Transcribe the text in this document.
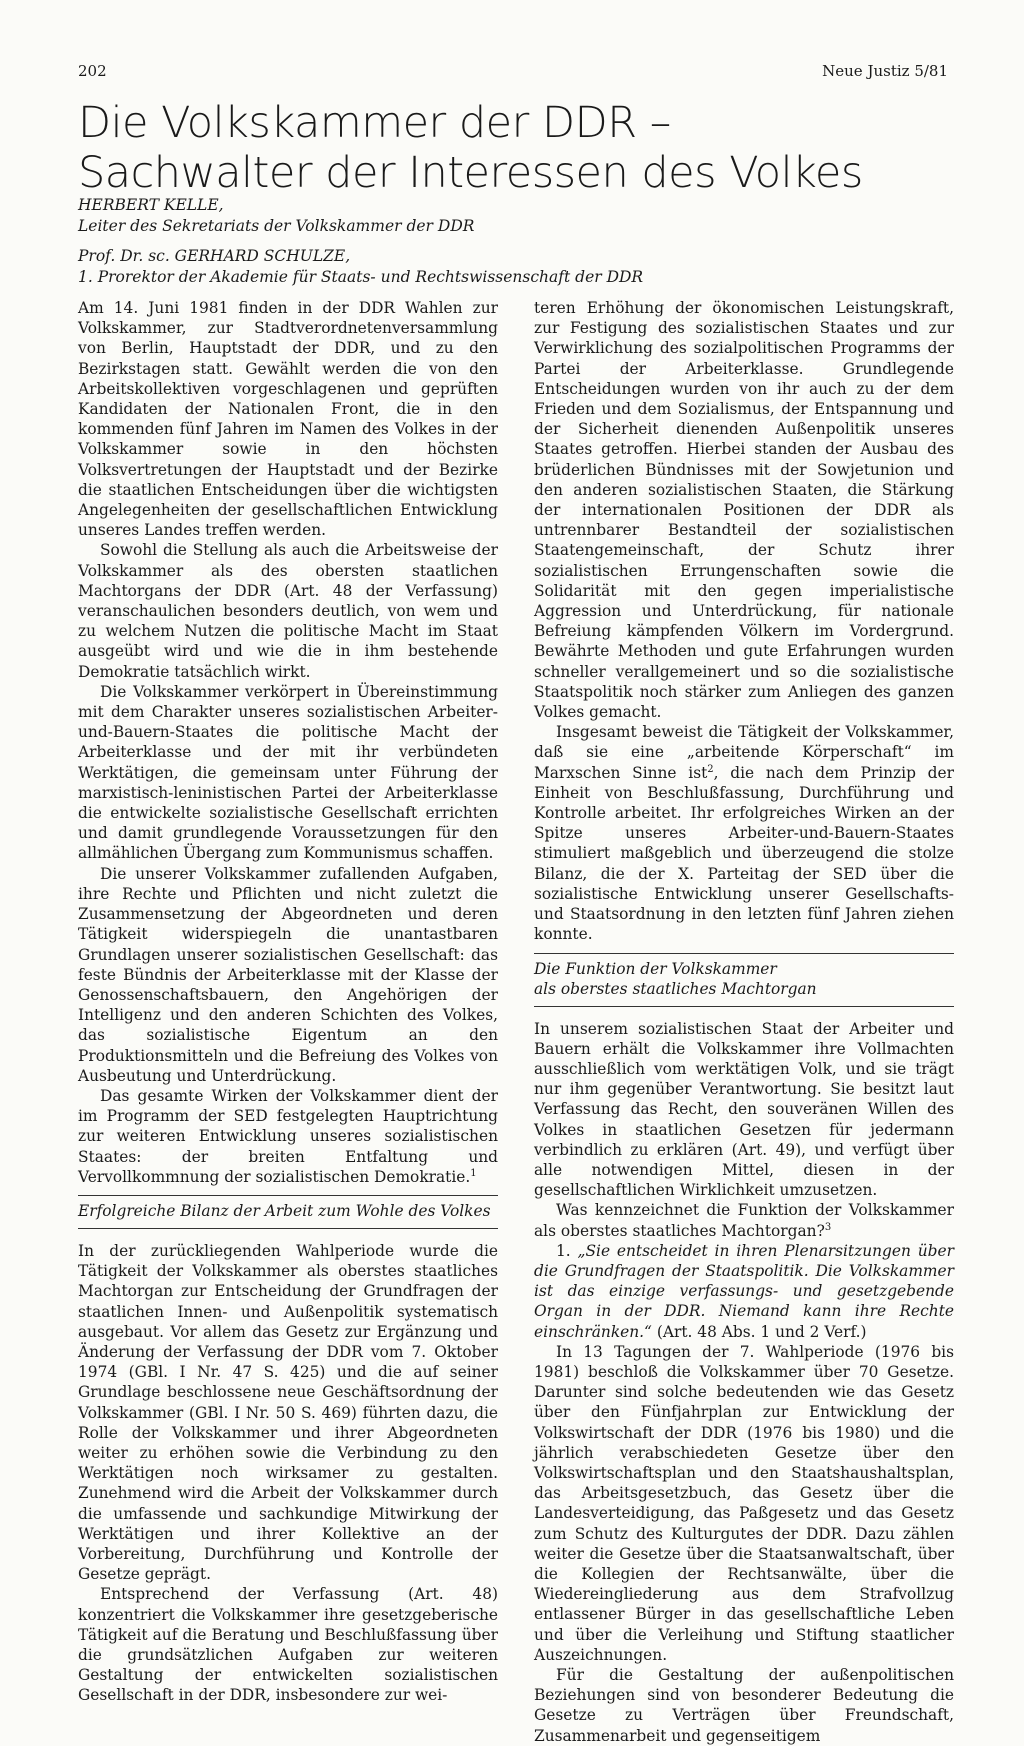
202	Neue Justiz 5/81
Die Volkskammer der DDR –
Sachwalter der Interessen des Volkes

HERBERT KELLE,

Leiter des Sekretariats der Volkskammer der DDR

Prof. Dr. sc. GERHARD SCHULZE,

1. Prorektor der Akademie für Staats- und Rechtswissenschaft der DDR

Am 14. Juni 1981 finden in der DDR Wahlen zur Volkskammer, zur Stadtverordnetenversammlung von Berlin, Hauptstadt der DDR, und zu den Bezirkstagen statt. Gewählt werden die von den Arbeitskollektiven vorgeschlagenen und geprüften Kandidaten der Nationalen Front, die in den kommenden fünf Jahren im Namen des Volkes in der Volkskammer sowie in den höchsten Volksvertretungen der Hauptstadt und der Bezirke die staatlichen Entscheidungen über die wichtigsten Angelegenheiten der gesellschaftlichen Entwicklung unseres Landes treffen werden.

Sowohl die Stellung als auch die Arbeitsweise der Volkskammer als des obersten staatlichen Machtorgans der DDR (Art. 48 der Verfassung) veranschaulichen besonders deutlich, von wem und zu welchem Nutzen die politische Macht im Staat ausgeübt wird und wie die in ihm bestehende Demokratie tatsächlich wirkt.

Die Volkskammer verkörpert in Übereinstimmung mit dem Charakter unseres sozialistischen Arbeiter-und-Bauern-Staates die politische Macht der Arbeiterklasse und der mit ihr verbündeten Werktätigen, die gemeinsam unter Führung der marxistisch-leninistischen Partei der Arbeiterklasse die entwickelte sozialistische Gesellschaft errichten und damit grundlegende Voraussetzungen für den allmählichen Übergang zum Kommunismus schaffen.

Die unserer Volkskammer zufallenden Aufgaben, ihre Rechte und Pflichten und nicht zuletzt die Zusammensetzung der Abgeordneten und deren Tätigkeit widerspiegeln die unantastbaren Grundlagen unserer sozialistischen Gesellschaft: das feste Bündnis der Arbeiterklasse mit der Klasse der Genossenschaftsbauern, den Angehörigen der Intelligenz und den anderen Schichten des Volkes, das sozialistische Eigentum an den Produktionsmitteln und die Befreiung des Volkes von Ausbeutung und Unterdrückung.

Das gesamte Wirken der Volkskammer dient der im Programm der SED festgelegten Hauptrichtung zur weiteren Entwicklung unseres sozialistischen Staates: der breiten Entfaltung und Vervollkommnung der sozialistischen Demokratie.$^1$

Erfolgreiche Bilanz der Arbeit zum Wohle des Volkes

In der zurückliegenden Wahlperiode wurde die Tätigkeit der Volkskammer als oberstes staatliches Machtorgan zur Entscheidung der Grundfragen der staatlichen Innen- und Außenpolitik systematisch ausgebaut. Vor allem das Gesetz zur Ergänzung und Änderung der Verfassung der DDR vom 7. Oktober 1974 (GBl. I Nr. 47 S. 425) und die auf seiner Grundlage beschlossene neue Geschäftsordnung der Volkskammer (GBl. I Nr. 50 S. 469) führten dazu, die Rolle der Volkskammer und ihrer Abgeordneten weiter zu erhöhen sowie die Verbindung zu den Werktätigen noch wirksamer zu gestalten. Zunehmend wird die Arbeit der Volkskammer durch die umfassende und sachkundige Mitwirkung der Werktätigen und ihrer Kollektive an der Vorbereitung, Durchführung und Kontrolle der Gesetze geprägt.

Entsprechend der Verfassung (Art. 48) konzentriert die Volkskammer ihre gesetzgeberische Tätigkeit auf die Beratung und Beschlußfassung über die grundsätzlichen Aufgaben zur weiteren Gestaltung der entwickelten sozialistischen Gesellschaft in der DDR, insbesondere zur wei-

teren Erhöhung der ökonomischen Leistungskraft, zur Festigung des sozialistischen Staates und zur Verwirklichung des sozialpolitischen Programms der Partei der Arbeiterklasse. Grundlegende Entscheidungen wurden von ihr auch zu der dem Frieden und dem Sozialismus, der Entspannung und der Sicherheit dienenden Außenpolitik unseres Staates getroffen. Hierbei standen der Ausbau des brüderlichen Bündnisses mit der Sowjetunion und den anderen sozialistischen Staaten, die Stärkung der internationalen Positionen der DDR als untrennbarer Bestandteil der sozialistischen Staatengemeinschaft, der Schutz ihrer sozialistischen Errungenschaften sowie die Solidarität mit den gegen imperialistische Aggression und Unterdrückung, für nationale Befreiung kämpfenden Völkern im Vordergrund. Bewährte Methoden und gute Erfahrungen wurden schneller verallgemeinert und so die sozialistische Staatspolitik noch stärker zum Anliegen des ganzen Volkes gemacht.

Insgesamt beweist die Tätigkeit der Volkskammer, daß sie eine „arbeitende Körperschaft“ im Marxschen Sinne ist$^2$, die nach dem Prinzip der Einheit von Beschlußfassung, Durchführung und Kontrolle arbeitet. Ihr erfolgreiches Wirken an der Spitze unseres Arbeiter-und-Bauern-Staates stimuliert maßgeblich und überzeugend die stolze Bilanz, die der X. Parteitag der SED über die sozialistische Entwicklung unserer Gesellschafts- und Staatsordnung in den letzten fünf Jahren ziehen konnte.

Die Funktion der Volkskammer
als oberstes staatliches Machtorgan

In unserem sozialistischen Staat der Arbeiter und Bauern erhält die Volkskammer ihre Vollmachten ausschließlich vom werktätigen Volk, und sie trägt nur ihm gegenüber Verantwortung. Sie besitzt laut Verfassung das Recht, den souveränen Willen des Volkes in staatlichen Gesetzen für jedermann verbindlich zu erklären (Art. 49), und verfügt über alle notwendigen Mittel, diesen in der gesellschaftlichen Wirklichkeit umzusetzen.

Was kennzeichnet die Funktion der Volkskammer als oberstes staatliches Machtorgan?$^3$

1. „Sie entscheidet in ihren Plenarsitzungen über die Grundfragen der Staatspolitik. Die Volkskammer ist das einzige verfassungs- und gesetzgebende Organ in der DDR. Niemand kann ihre Rechte einschränken.“ (Art. 48 Abs. 1 und 2 Verf.)

In 13 Tagungen der 7. Wahlperiode (1976 bis 1981) beschloß die Volkskammer über 70 Gesetze. Darunter sind solche bedeutenden wie das Gesetz über den Fünfjahrplan zur Entwicklung der Volkswirtschaft der DDR (1976 bis 1980) und die jährlich verabschiedeten Gesetze über den Volkswirtschaftsplan und den Staatshaushaltsplan, das Arbeitsgesetzbuch, das Gesetz über die Landesverteidigung, das Paßgesetz und das Gesetz zum Schutz des Kulturgutes der DDR. Dazu zählen weiter die Gesetze über die Staatsanwaltschaft, über die Kollegien der Rechtsanwälte, über die Wiedereingliederung aus dem Strafvollzug entlassener Bürger in das gesellschaftliche Leben und über die Verleihung und Stiftung staatlicher Auszeichnungen.

Für die Gestaltung der außenpolitischen Beziehungen sind von besonderer Bedeutung die Gesetze zu Verträgen über Freundschaft, Zusammenarbeit und gegenseitigem
